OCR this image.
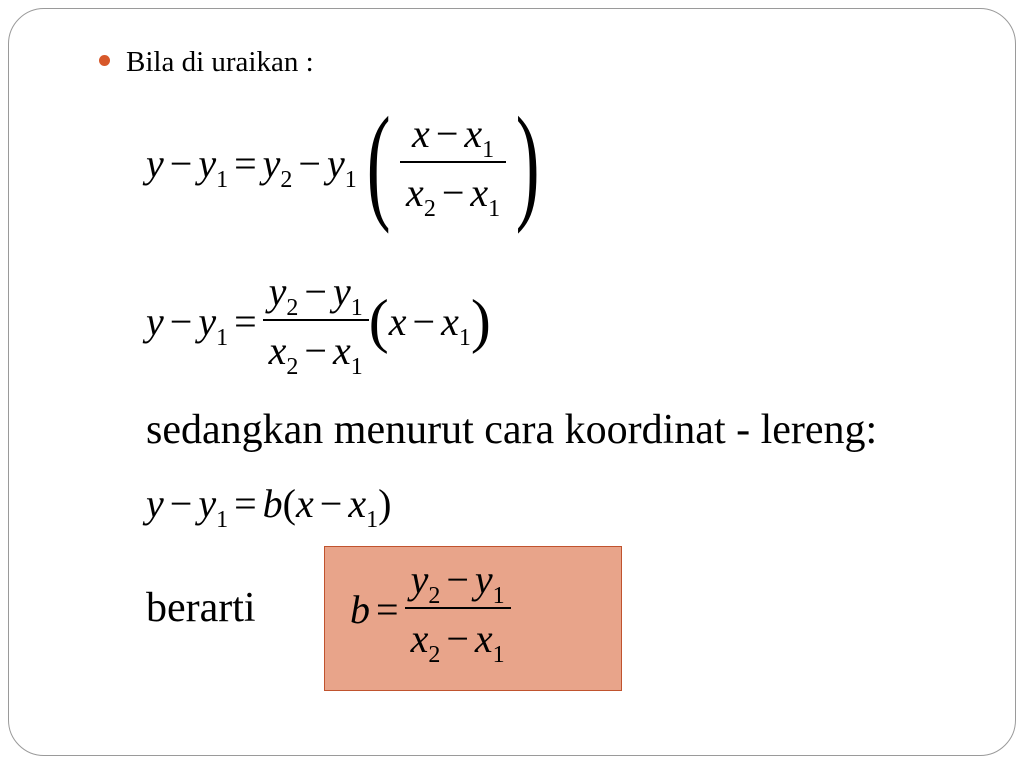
Bila di uraikan :
$y - y_1 = y_2 - y_1$ ( $\frac{x - x_1}{x_2 - x_1}$ )
$y - y_1 = \frac{y_2 - y_1}{x_2 - x_1}$ ( $x - x_1$ )
sedangkan menurut cara koordinat - lereng:
$y - y_1 = b$ ( $x - x_1$ )
berarti $b = \frac{y_2 - y_1}{x_2 - x_1}$
